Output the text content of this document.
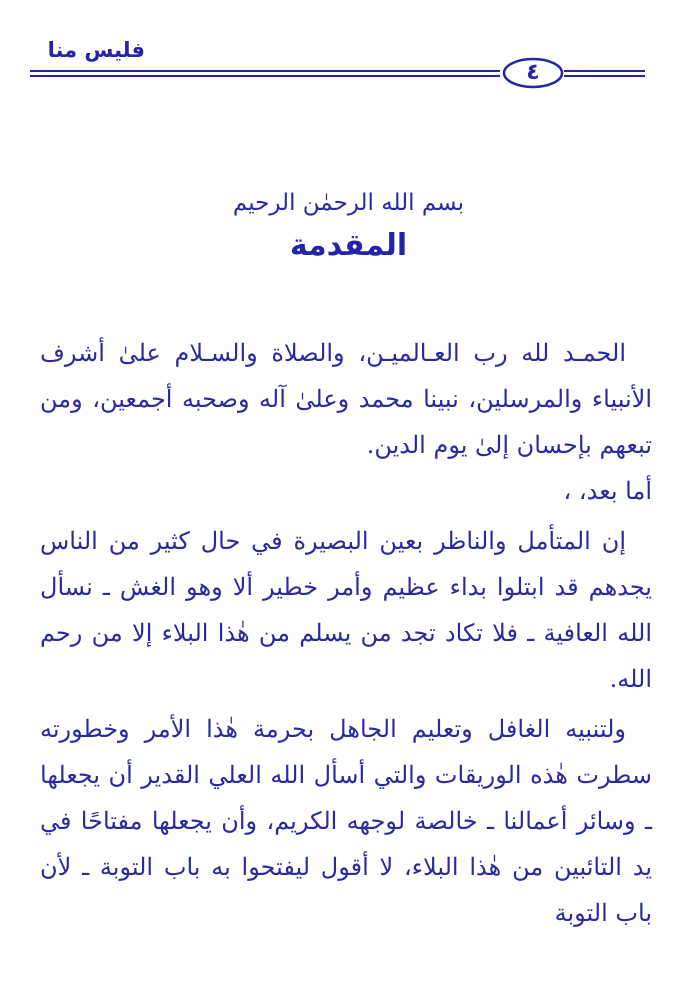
فليس منا
٤
بسم الله الرحمٰن الرحيم
المقدمة

الحمـد لله رب العـالميـن، والصلاة والسـلام علىٰ أشرف الأنبياء والمرسلين، نبينا محمد وعلىٰ آله وصحبه أجمعين، ومن تبعهم بإحسان إلىٰ يوم الدين.

أما بعد، ،

إن المتأمل والناظر بعين البصيرة في حال كثير من الناس يجدهم قد ابتلوا بداء عظيم وأمر خطير ألا وهو الغش ـ نسأل الله العافية ـ فلا تكاد تجد من يسلم من هٰذا البلاء إلا من رحم الله.

ولتنبيه الغافل وتعليم الجاهل بحرمة هٰذا الأمر وخطورته سطرت هٰذه الوريقات والتي أسأل الله العلي القدير أن يجعلها ـ وسائر أعمالنا ـ خالصة لوجهه الكريم، وأن يجعلها مفتاحًا في يد التائبين من هٰذا البلاء، لا أقول ليفتحوا به باب التوبة ـ لأن باب التوبة
